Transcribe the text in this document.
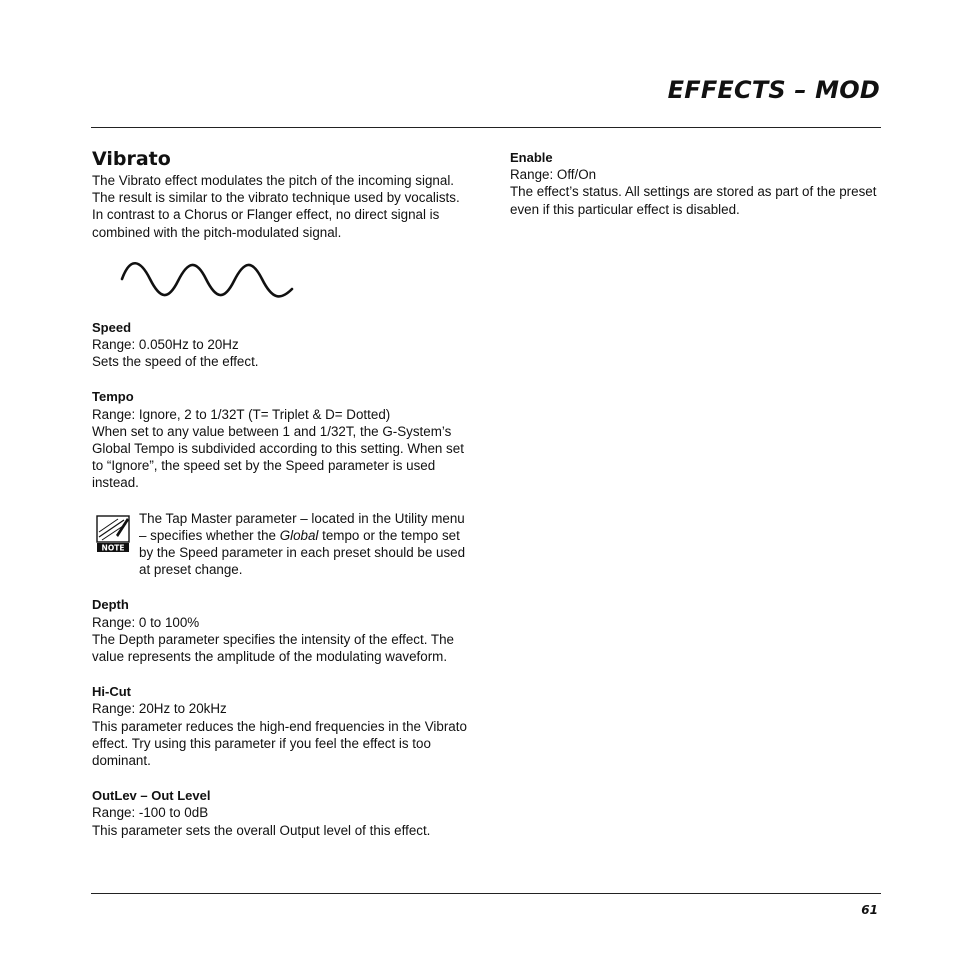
EFFECTS – MOD
Vibrato

The Vibrato effect modulates the pitch of the incoming signal. The result is similar to the vibrato technique used by vocalists. In contrast to a Chorus or Flanger effect, no direct signal is combined with the pitch-modulated signal.

Speed

Range: 0.050Hz to 20Hz

Sets the speed of the effect.

Tempo

Range: Ignore, 2 to 1/32T (T= Triplet & D= Dotted)

When set to any value between 1 and 1/32T, the G-System’s Global Tempo is subdivided according to this setting. When set to “Ignore”, the speed set by the Speed parameter is used instead.

NOTE
The Tap Master parameter – located in the Utility menu – specifies whether the Global tempo or the tempo set by the Speed parameter in each preset should be used at preset change.
Depth

Range: 0 to 100%

The Depth parameter specifies the intensity of the effect. The value represents the amplitude of the modulating waveform.

Hi-Cut

Range: 20Hz to 20kHz

This parameter reduces the high-end frequencies in the Vibrato effect. Try using this parameter if you feel the effect is too dominant.

OutLev – Out Level

Range: -100 to 0dB

This parameter sets the overall Output level of this effect.

Enable

Range: Off/On

The effect’s status. All settings are stored as part of the preset even if this particular effect is disabled.

61
